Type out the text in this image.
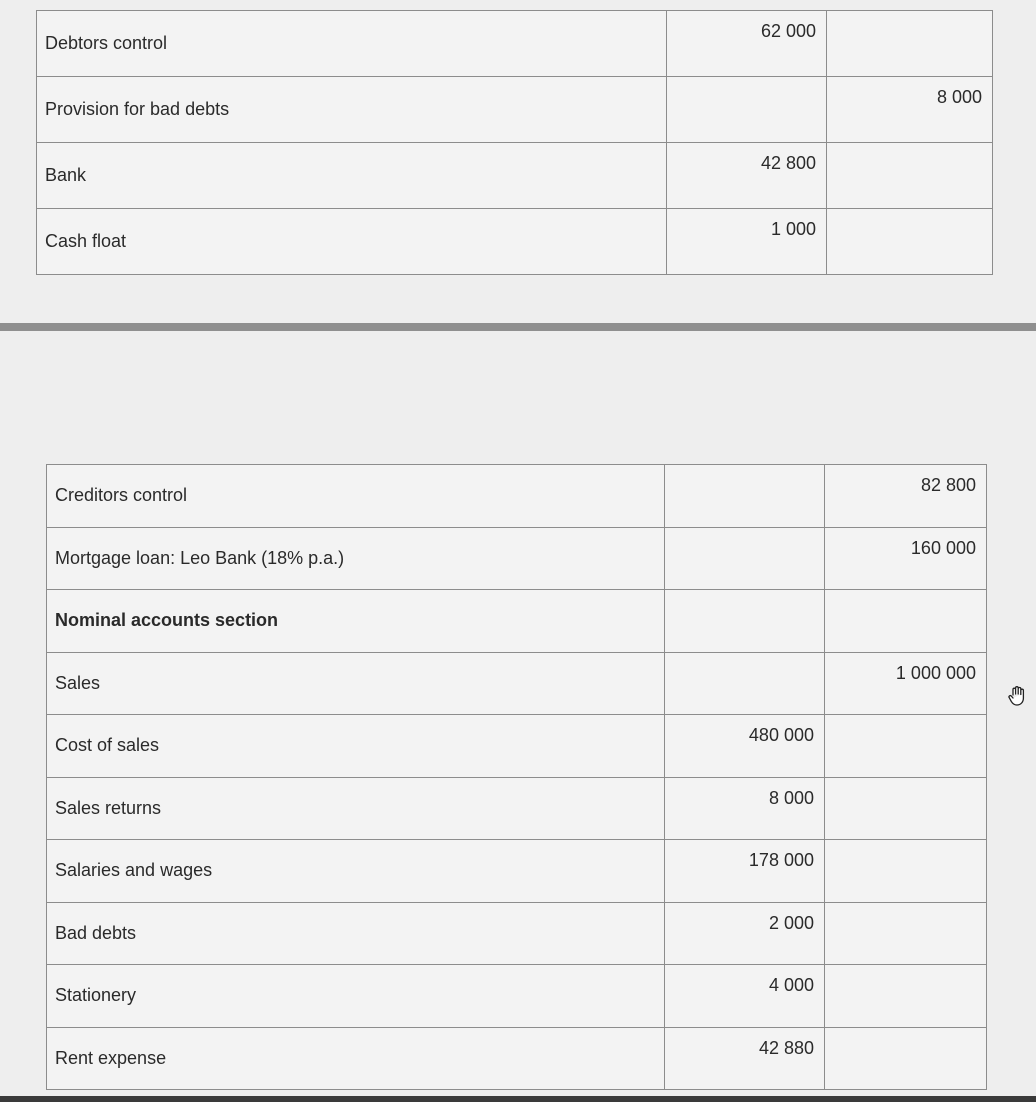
Debtors control	62 000	
Provision for bad debts		8 000
Bank	42 800	
Cash float	1 000	
Creditors control		82 800
Mortgage loan: Leo Bank (18% p.a.)		160 000
Nominal accounts section		
Sales		1 000 000
Cost of sales	480 000	
Sales returns	8 000	
Salaries and wages	178 000	
Bad debts	2 000	
Stationery	4 000	
Rent expense	42 880	
